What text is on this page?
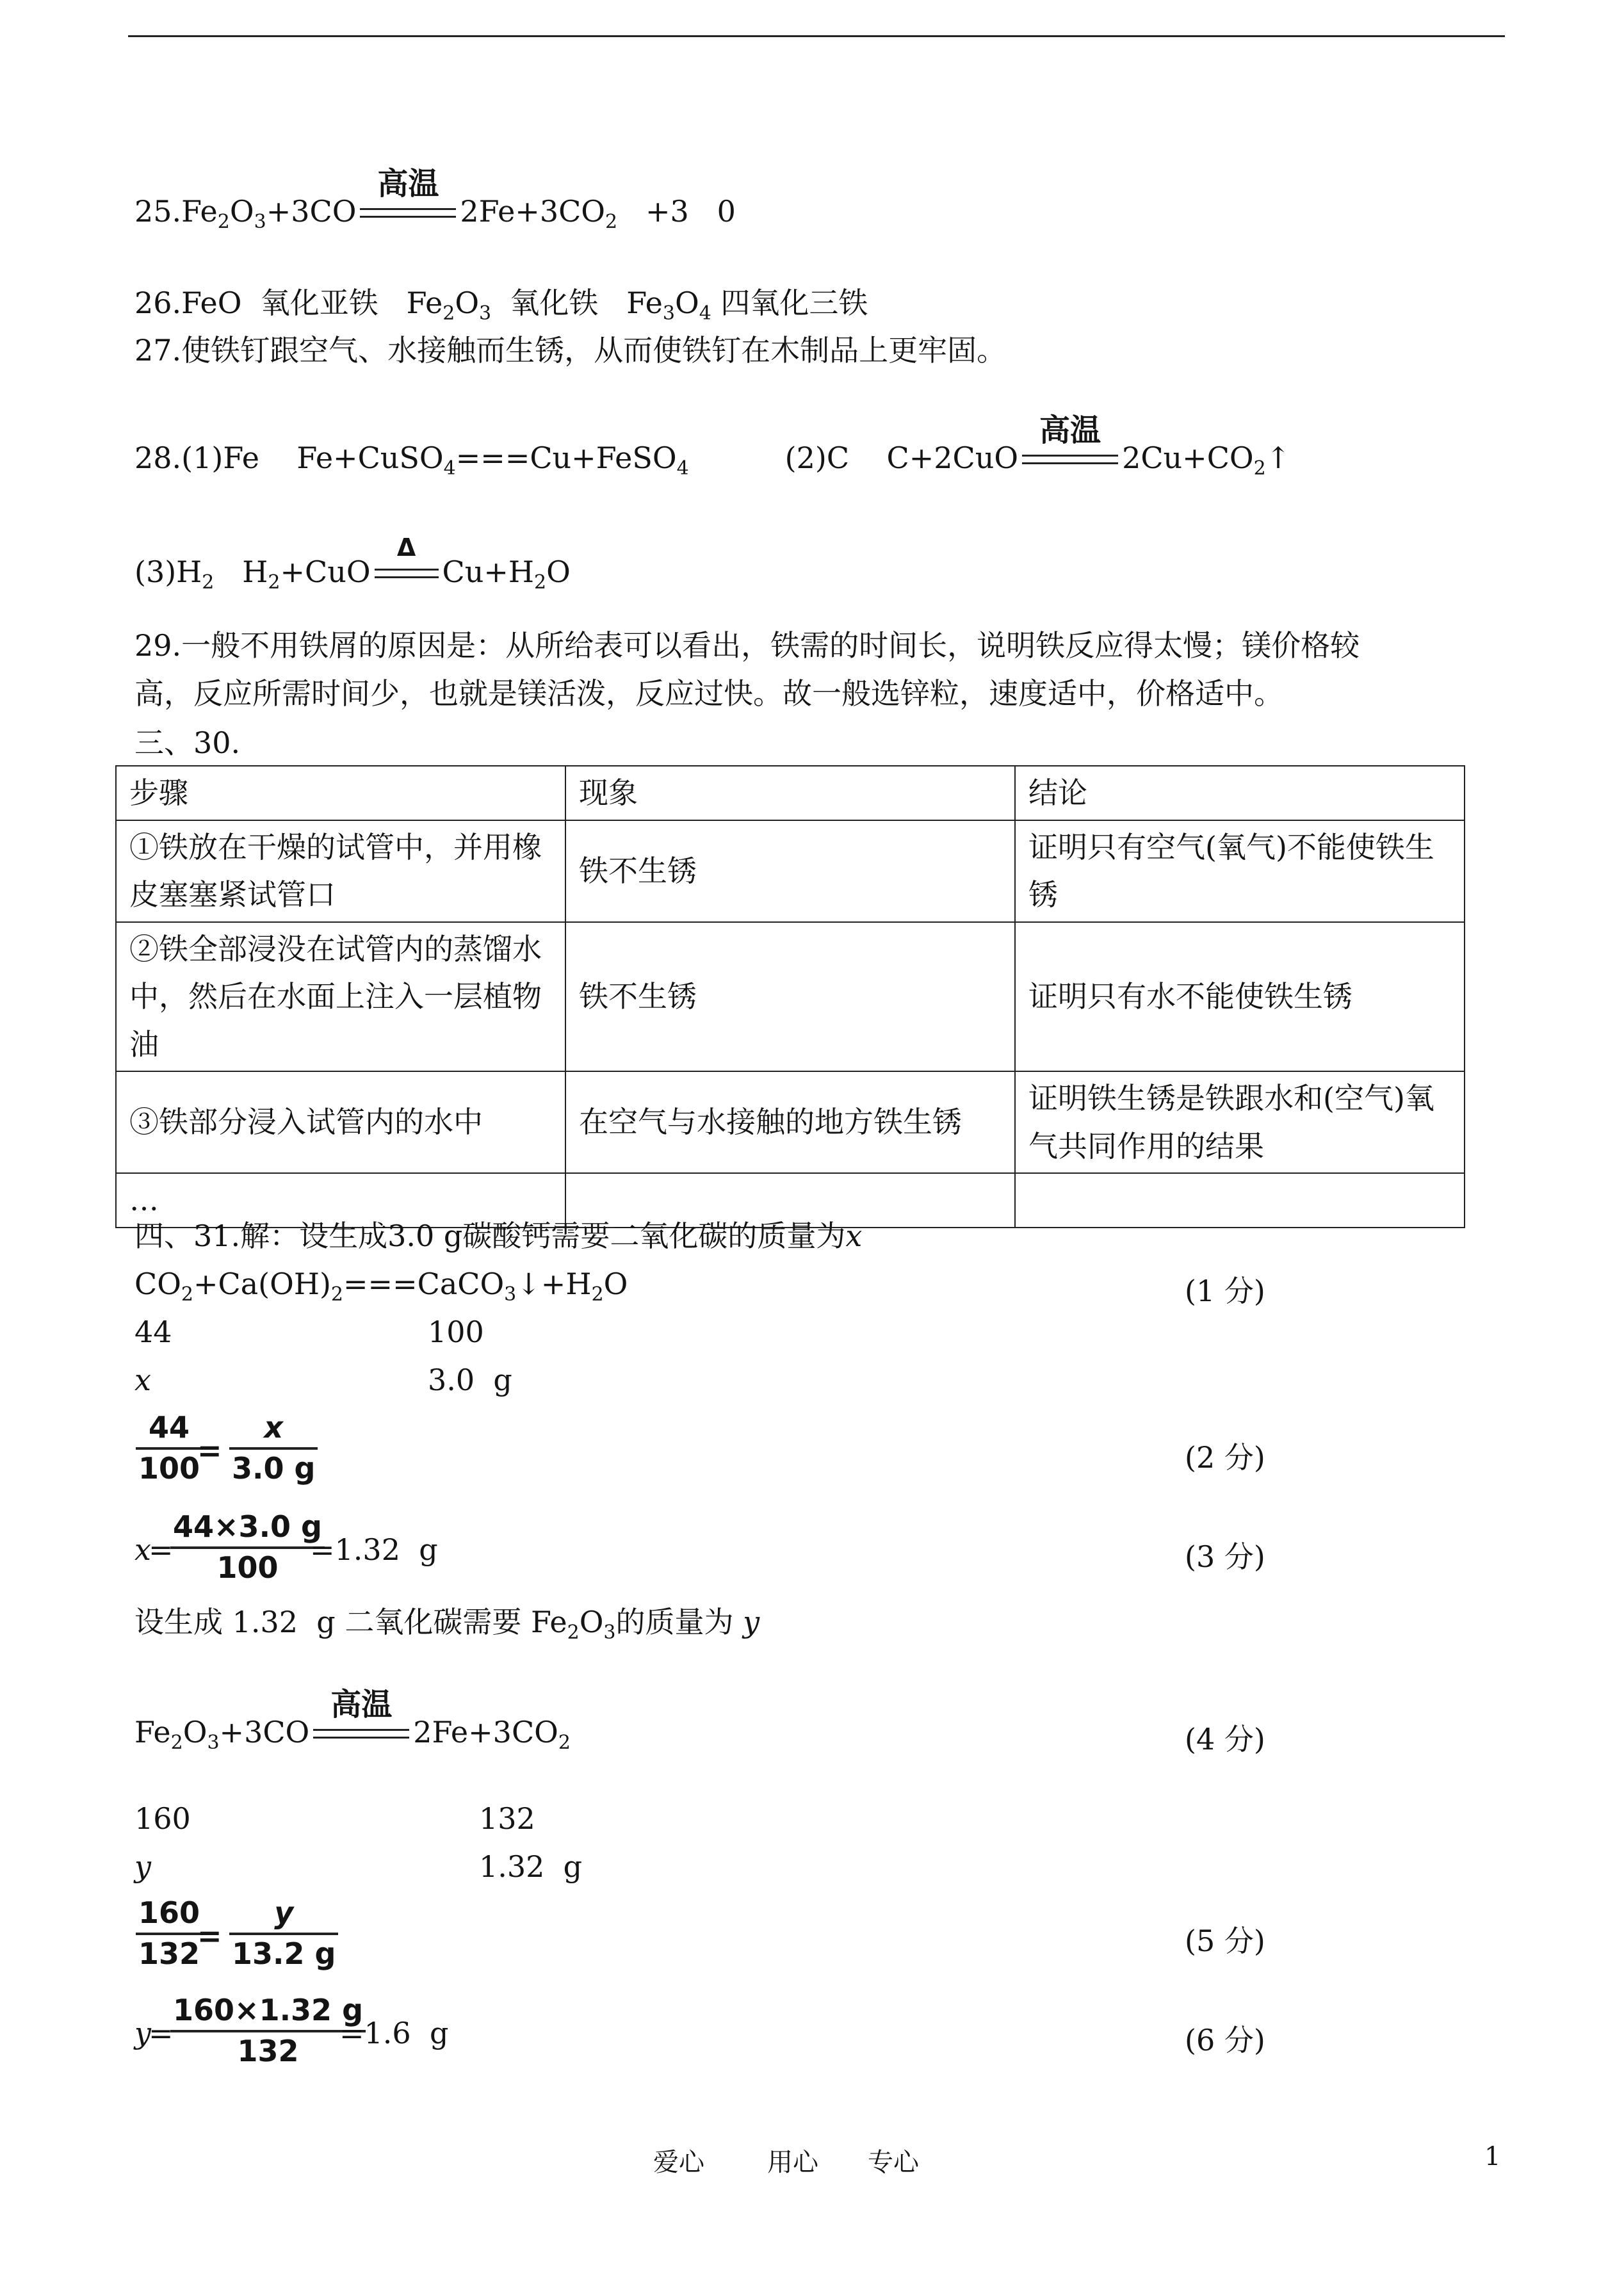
$25.Fe_2O_3+3CO$
高温
$2Fe+3CO_2 +3$   0
26.FeO  氧化亚铁   $Fe_2O_3$  氧化铁   $Fe_3O_4$ 四氧化三铁
27.使铁钉跟空气、水接触而生锈，从而使铁钉在木制品上更牢固。
28.(1)Fe    Fe+CuSO$_4$===Cu+FeSO$_4$	(2)C    C+2CuO
高温
$2Cu+CO_2↑$
$(3)H_2$   $H_2+CuO$
Δ
$Cu+H_2O$
29.一般不用铁屑的原因是：从所给表可以看出，铁需的时间长，说明铁反应得太慢；镁价格较
高，反应所需时间少，也就是镁活泼，反应过快。故一般选锌粒，速度适中，价格适中。
三、30.
步骤	现象	结论
①铁放在干燥的试管中，并用橡皮塞塞紧试管口	铁不生锈	证明只有空气(氧气)不能使铁生锈
②铁全部浸没在试管内的蒸馏水中，然后在水面上注入一层植物油	铁不生锈	证明只有水不能使铁生锈
③铁部分浸入试管内的水中	在空气与水接触的地方铁生锈	证明铁生锈是铁跟水和(空气)氧气共同作用的结果
…		
四、31.解：设生成3.0 g碳酸钙需要二氧化碳的质量为x
$CO_2+Ca(OH)_2===CaCO_3↓+H_2O$	(1 分)
44	100
x	3.0  g
$\frac{44}{100}$
= $\frac{x}{3.0 g}$	(2 分)
x
=
$\frac{44\times 3.0 g}{100}$
=1.32  g	(3 分)
设生成 1.32  g 二氧化碳需要 $Fe_2O_3$的质量为 y
$Fe_2O_3+3CO$
高温
$2Fe+3CO_2$	(4 分)
160	132
y	1.32  g
$\frac{160}{132}$
= $\frac{y}{13.2 g}$	(5 分)
y
=
$\frac{160\times 1.32 g}{132}$
=1.6  g	(6 分)
爱心 用心 专心	1
